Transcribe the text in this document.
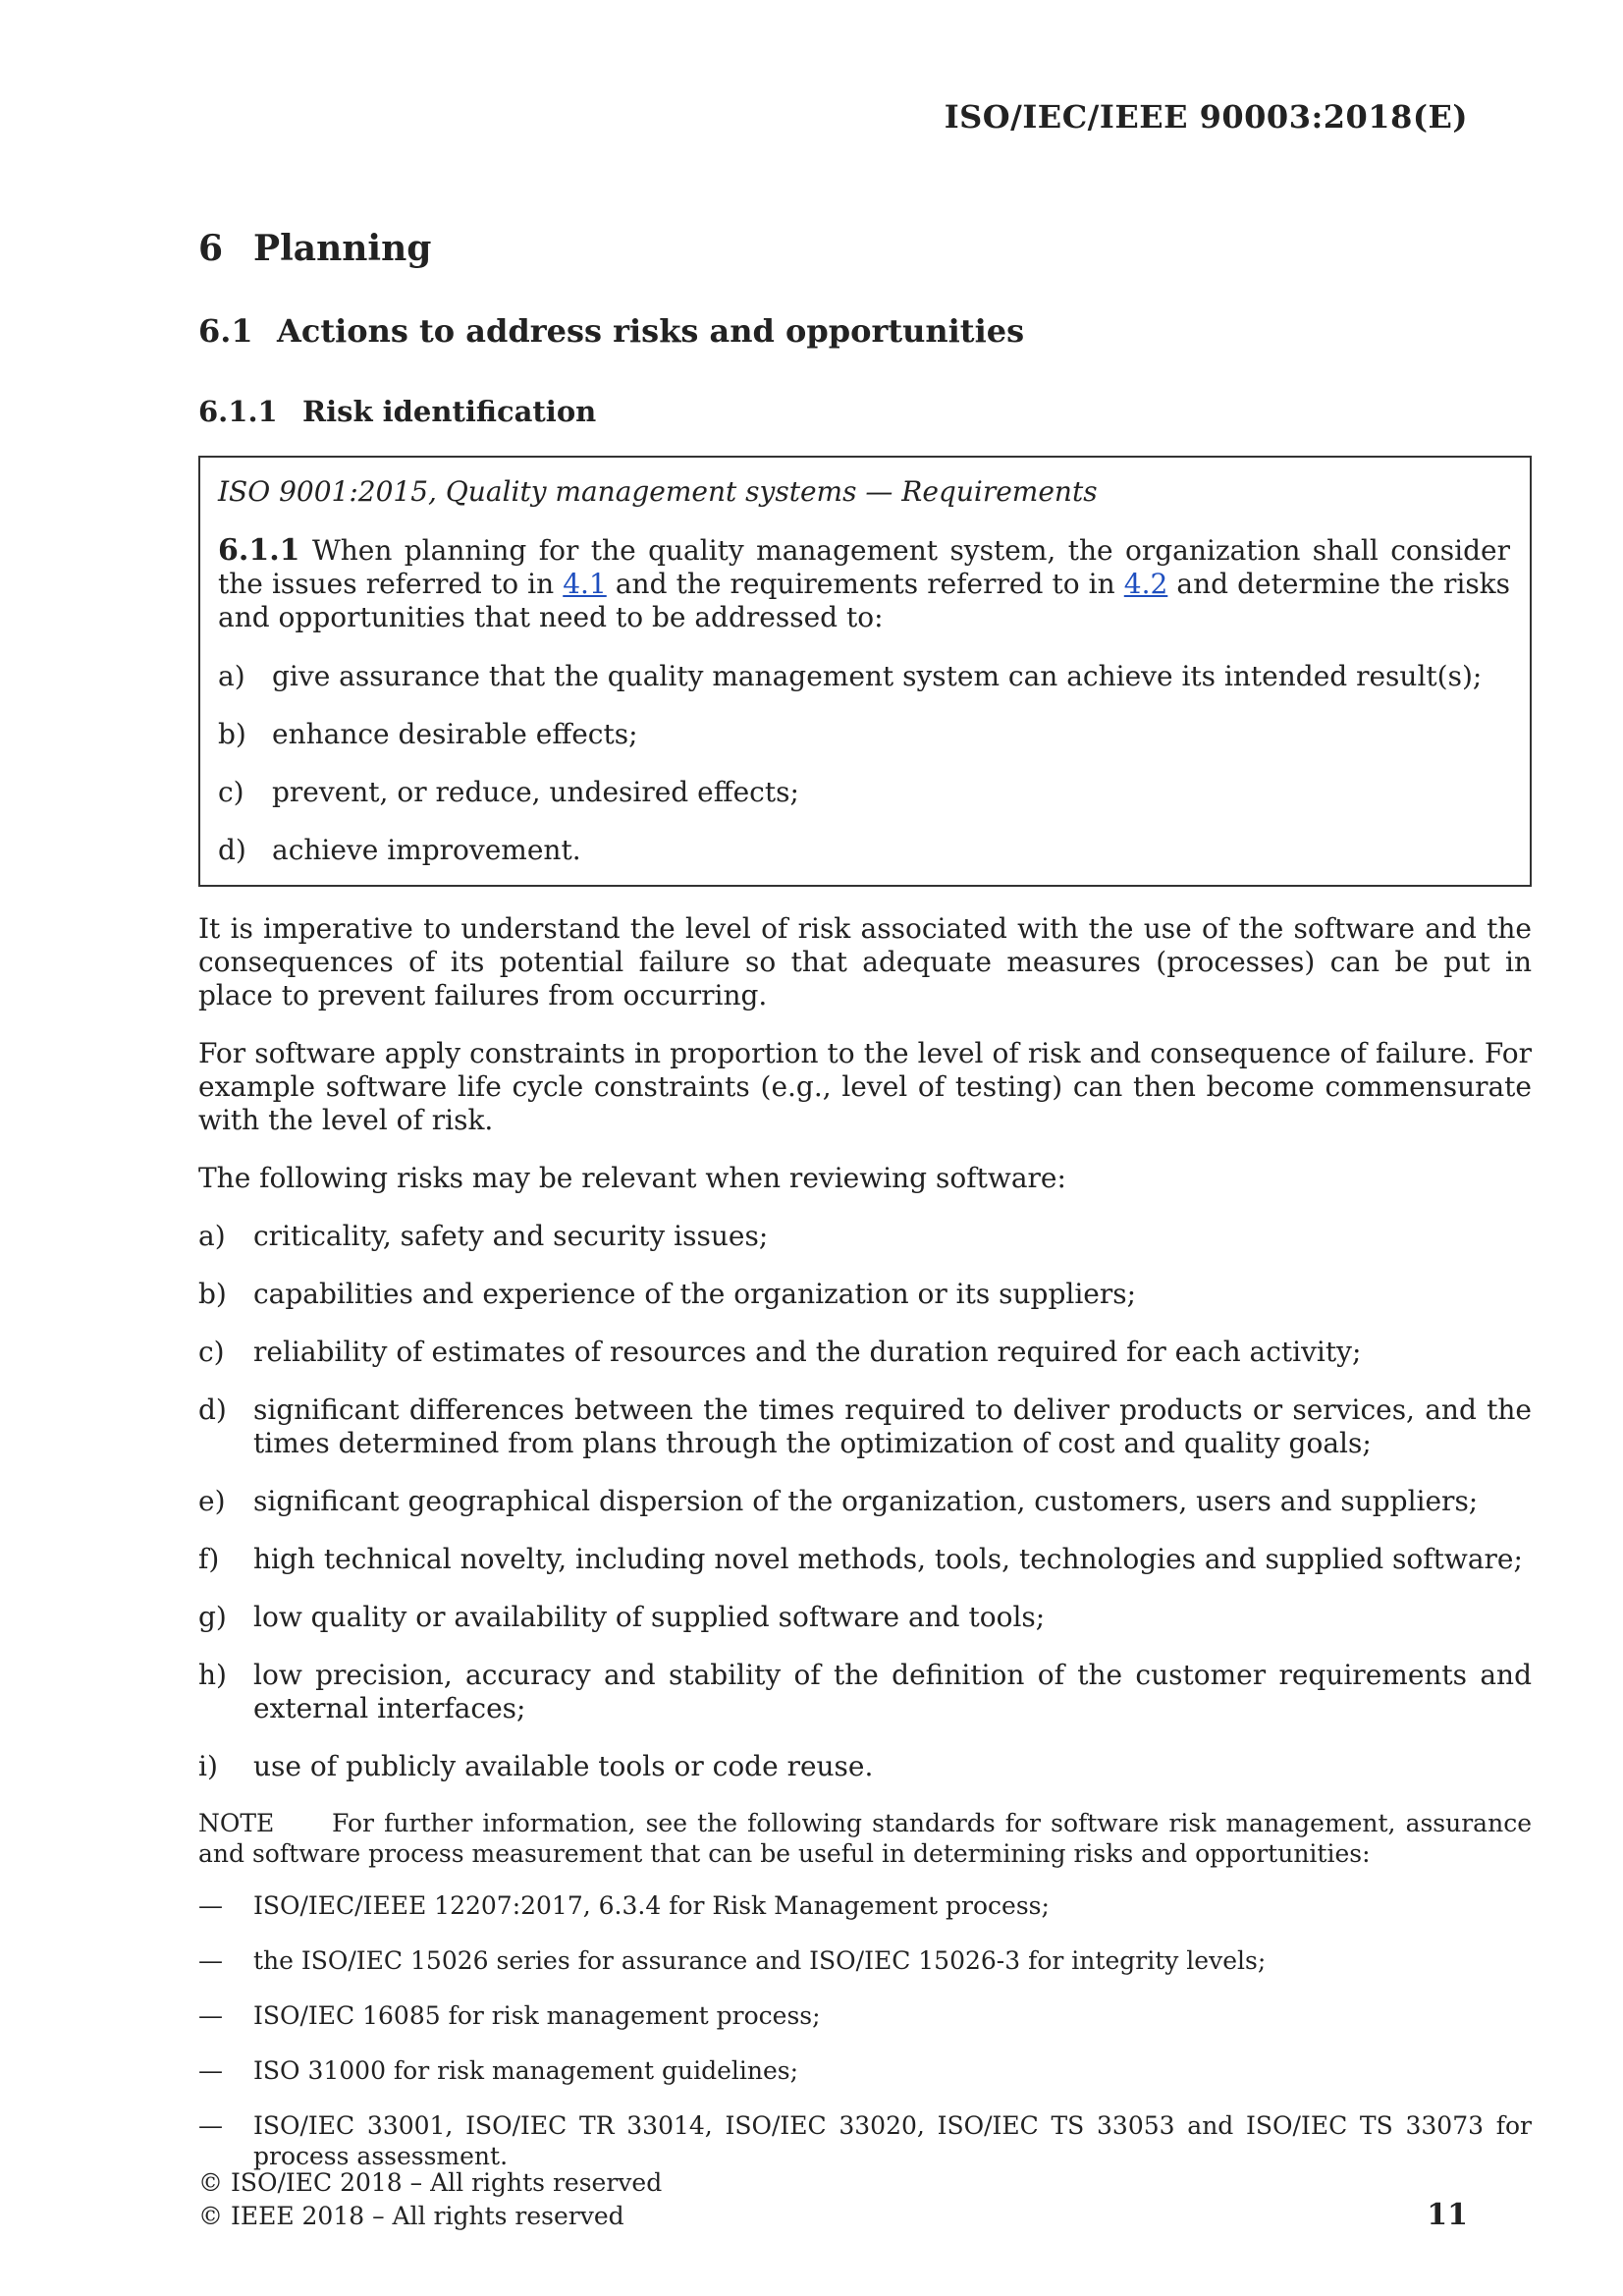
ISO/IEC/IEEE 90003:2018(E)
6 Planning
6.1 Actions to address risks and opportunities
6.1.1 Risk identification
ISO 9001:2015, Quality management systems — Requirements
6.1.1 When planning for the quality management system, the organization shall consider the issues referred to in 4.1 and the requirements referred to in 4.2 and determine the risks and opportunities that need to be addressed to:
a) give assurance that the quality management system can achieve its intended result(s);
b) enhance desirable effects;
c)	prevent, or reduce, undesired effects;
d) achieve improvement.

It is imperative to understand the level of risk associated with the use of the software and the consequences of its potential failure so that adequate measures (processes) can be put in place to prevent failures from occurring.

For software apply constraints in proportion to the level of risk and consequence of failure. For example software life cycle constraints (e.g., level of testing) can then become commensurate with the level of risk.

The following risks may be relevant when reviewing software:

a)	criticality, safety and security issues;
b) capabilities and experience of the organization or its suppliers;
c)	reliability of estimates of resources and the duration required for each activity;
d) significant differences between the times required to deliver products or services, and the times determined from plans through the optimization of cost and quality goals;
e)	significant geographical dispersion of the organization, customers, users and suppliers;
f)	high technical novelty, including novel methods, tools, technologies and supplied software;
g) low quality or availability of supplied software and tools;
h) low precision, accuracy and stability of the definition of the customer requirements and external interfaces;
i)	use of publicly available tools or code reuse.

NOTE For further information, see the following standards for software risk management, assurance and software process measurement that can be useful in determining risks and opportunities:

—	ISO/IEC/IEEE 12207:2017, 6.3.4 for Risk Management process;
—	the ISO/IEC 15026 series for assurance and ISO/IEC 15026-3 for integrity levels;
—	ISO/IEC 16085 for risk management process;
—	ISO 31000 for risk management guidelines;
—	ISO/IEC 33001, ISO/IEC TR 33014, ISO/IEC 33020, ISO/IEC TS 33053 and ISO/IEC TS 33073 for process assessment.
© ISO/IEC 2018 – All rights reserved
© IEEE 2018 – All rights reserved	11
